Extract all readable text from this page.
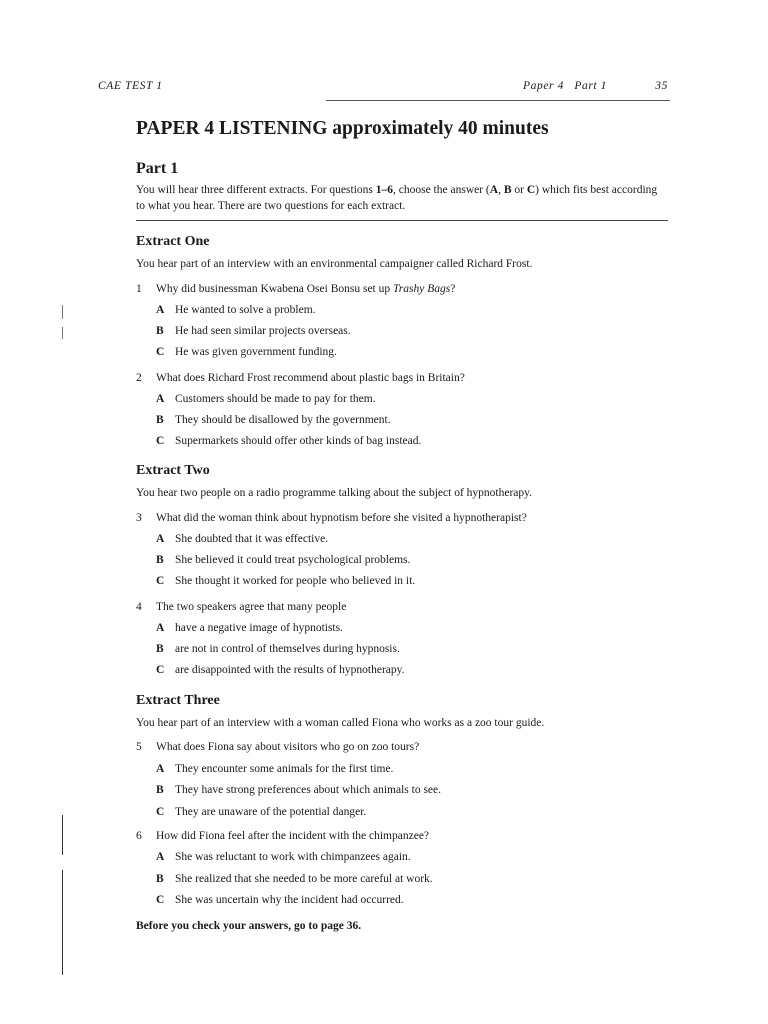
CAE TEST 1	Paper 4   Part 1	35
PAPER 4 LISTENING approximately 40 minutes
Part 1

You will hear three different extracts. For questions 1–6, choose the answer (A, B or C) which fits best according to what you hear. There are two questions for each extract.

Extract One

You hear part of an interview with an environmental campaigner called Richard Frost.

1 Why did businessman Kwabena Osei Bonsu set up Trashy Bags?
A He wanted to solve a problem.
B He had seen similar projects overseas.
C He was given government funding.
2 What does Richard Frost recommend about plastic bags in Britain?
A Customers should be made to pay for them.
B They should be disallowed by the government.
C Supermarkets should offer other kinds of bag instead.
Extract Two

You hear two people on a radio programme talking about the subject of hypnotherapy.

3 What did the woman think about hypnotism before she visited a hypnotherapist?
A She doubted that it was effective.
B She believed it could treat psychological problems.
C She thought it worked for people who believed in it.
4 The two speakers agree that many people
A have a negative image of hypnotists.
B are not in control of themselves during hypnosis.
C are disappointed with the results of hypnotherapy.
Extract Three

You hear part of an interview with a woman called Fiona who works as a zoo tour guide.

5 What does Fiona say about visitors who go on zoo tours?
A They encounter some animals for the first time.
B They have strong preferences about which animals to see.
C They are unaware of the potential danger.
6 How did Fiona feel after the incident with the chimpanzee?
A She was reluctant to work with chimpanzees again.
B She realized that she needed to be more careful at work.
C She was uncertain why the incident had occurred.

Before you check your answers, go to page 36.
